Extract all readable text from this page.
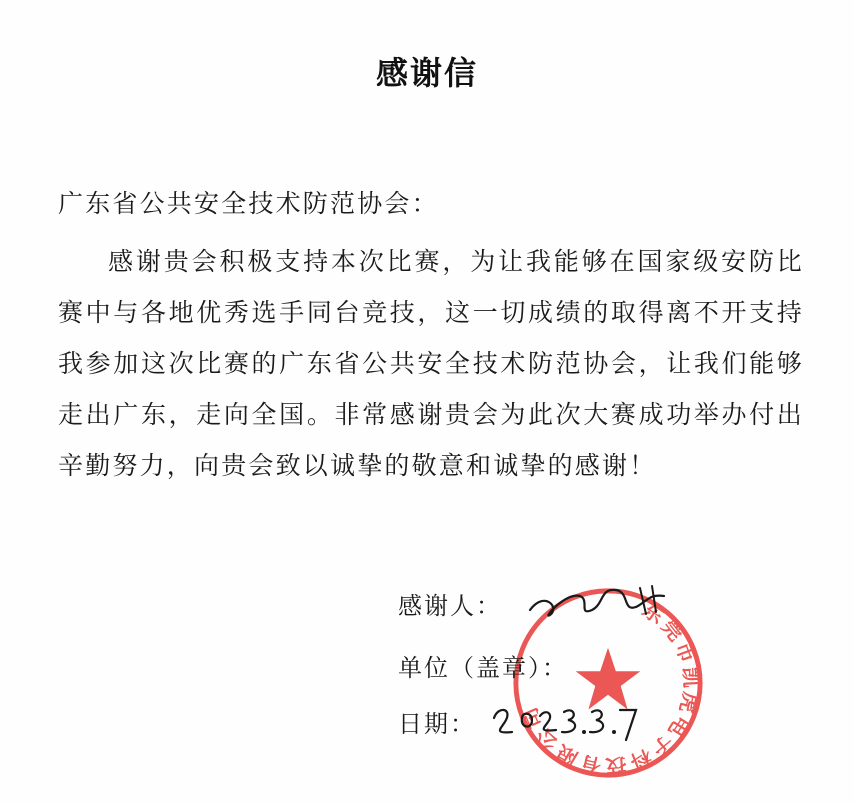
感谢信
广东省公共安全技术防范协会：

感谢贵会积极支持本次比赛，为让我能够在国家级安防比赛中与各地优秀选手同台竞技，这一切成绩的取得离不开支持我参加这次比赛的广东省公共安全技术防范协会，让我们能够走出广东，走向全国。非常感谢贵会为此次大赛成功举办付出辛勤努力，向贵会致以诚挚的敬意和诚挚的感谢！

东莞市凯虎电子科技有限公司
感谢人：
单位（盖章）：
日期：
